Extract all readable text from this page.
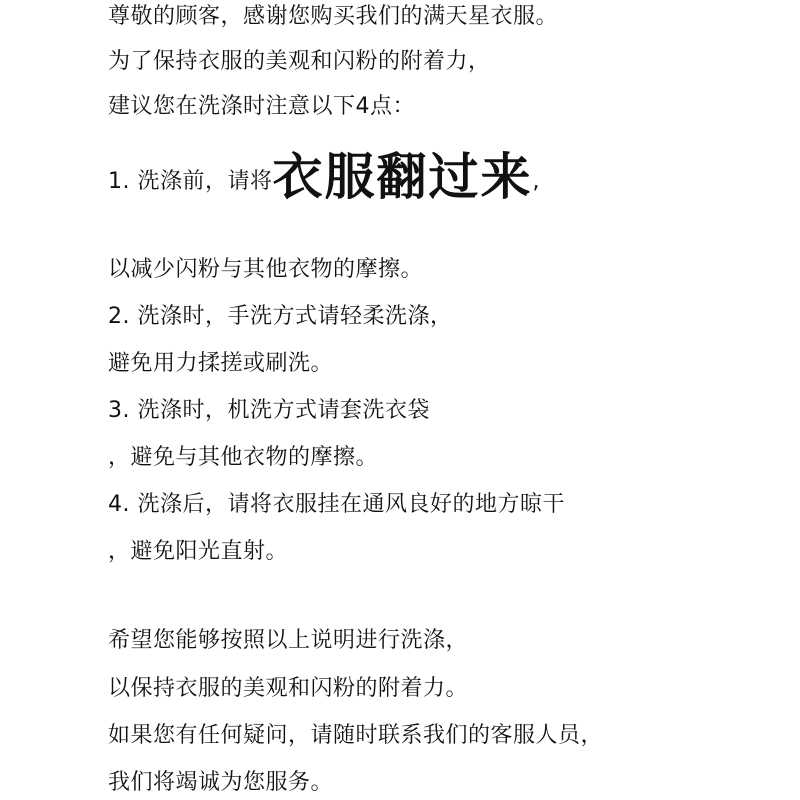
尊敬的顾客，感谢您购买我们的满天星衣服。
为了保持衣服的美观和闪粉的附着力，
建议您在洗涤时注意以下4点：
1. 洗涤前，请将衣服翻过来,
以减少闪粉与其他衣物的摩擦。
2. 洗涤时，手洗方式请轻柔洗涤，
避免用力揉搓或刷洗。
3. 洗涤时，机洗方式请套洗衣袋
，避免与其他衣物的摩擦。
4. 洗涤后，请将衣服挂在通风良好的地方晾干
，避免阳光直射。
希望您能够按照以上说明进行洗涤，
以保持衣服的美观和闪粉的附着力。
如果您有任何疑问，请随时联系我们的客服人员，
我们将竭诚为您服务。
